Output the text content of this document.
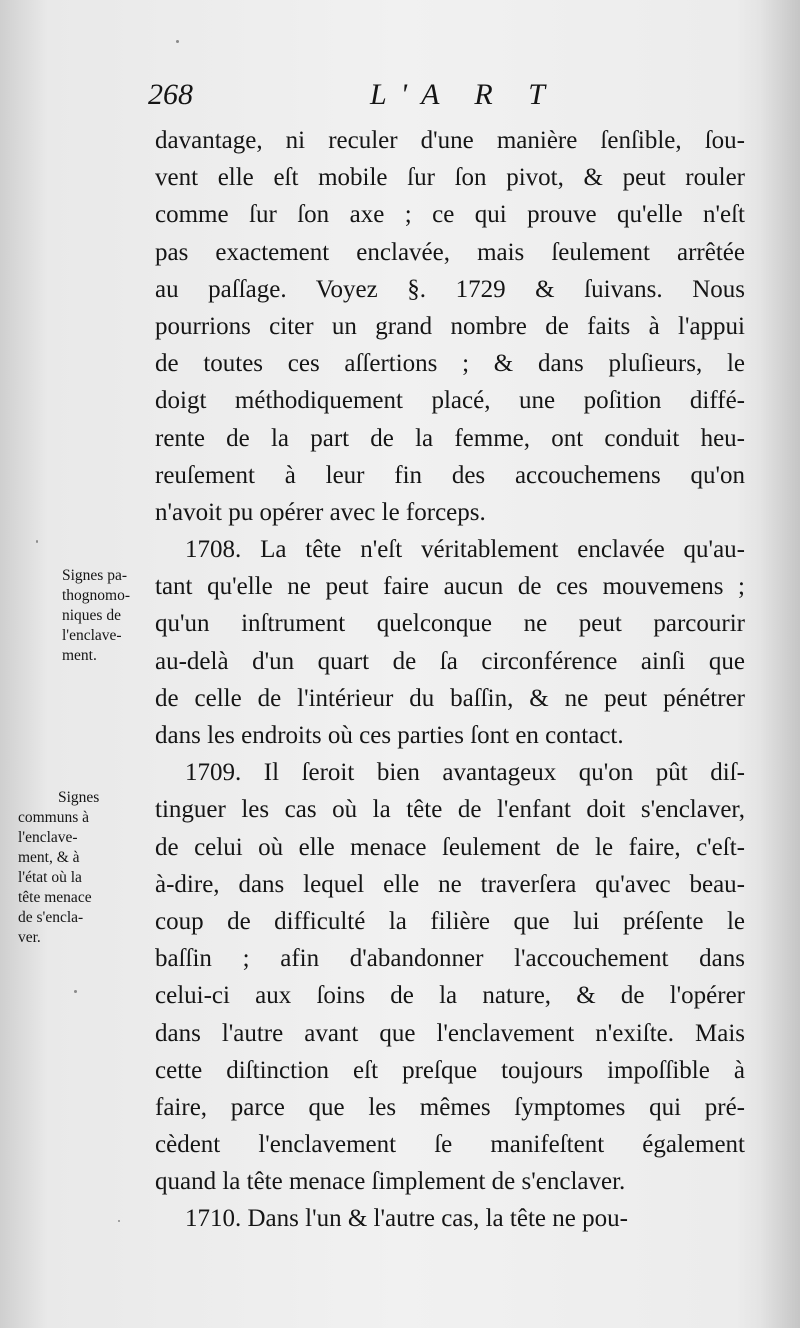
268	L'A R T
davantage, ni reculer d'une manière ſenſible, ſou-
vent elle eſt mobile ſur ſon pivot, & peut rouler
comme ſur ſon axe ; ce qui prouve qu'elle n'eſt
pas exactement enclavée, mais ſeulement arrêtée
au paſſage. Voyez §. 1729 & ſuivans. Nous
pourrions citer un grand nombre de faits à l'appui
de toutes ces aſſertions ; & dans pluſieurs, le
doigt méthodiquement placé, une poſition diffé-
rente de la part de la femme, ont conduit heu-
reuſement à leur fin des accouchemens qu'on
n'avoit pu opérer avec le forceps.
1708. La tête n'eſt véritablement enclavée qu'au-
tant qu'elle ne peut faire aucun de ces mouvemens ;
qu'un inſtrument quelconque ne peut parcourir
au-delà d'un quart de ſa circonférence ainſi que
de celle de l'intérieur du baſſin, & ne peut pénétrer
dans les endroits où ces parties ſont en contact.
1709. Il ſeroit bien avantageux qu'on pût diſ-
tinguer les cas où la tête de l'enfant doit s'enclaver,
de celui où elle menace ſeulement de le faire, c'eſt-
à-dire, dans lequel elle ne traverſera qu'avec beau-
coup de difficulté la filière que lui préſente le
baſſin ; afin d'abandonner l'accouchement dans
celui-ci aux ſoins de la nature, & de l'opérer
dans l'autre avant que l'enclavement n'exiſte. Mais
cette diſtinction eſt preſque toujours impoſſible à
faire, parce que les mêmes ſymptomes qui pré-
cèdent l'enclavement ſe manifeſtent également
quand la tête menace ſimplement de s'enclaver.
1710. Dans l'un & l'autre cas, la tête ne pou-
Signes pa-
thognomo-
niques de
l'enclave-
ment.
Signes
communs à
l'enclave-
ment, & à
l'état où la
tête menace
de s'encla-
ver.
